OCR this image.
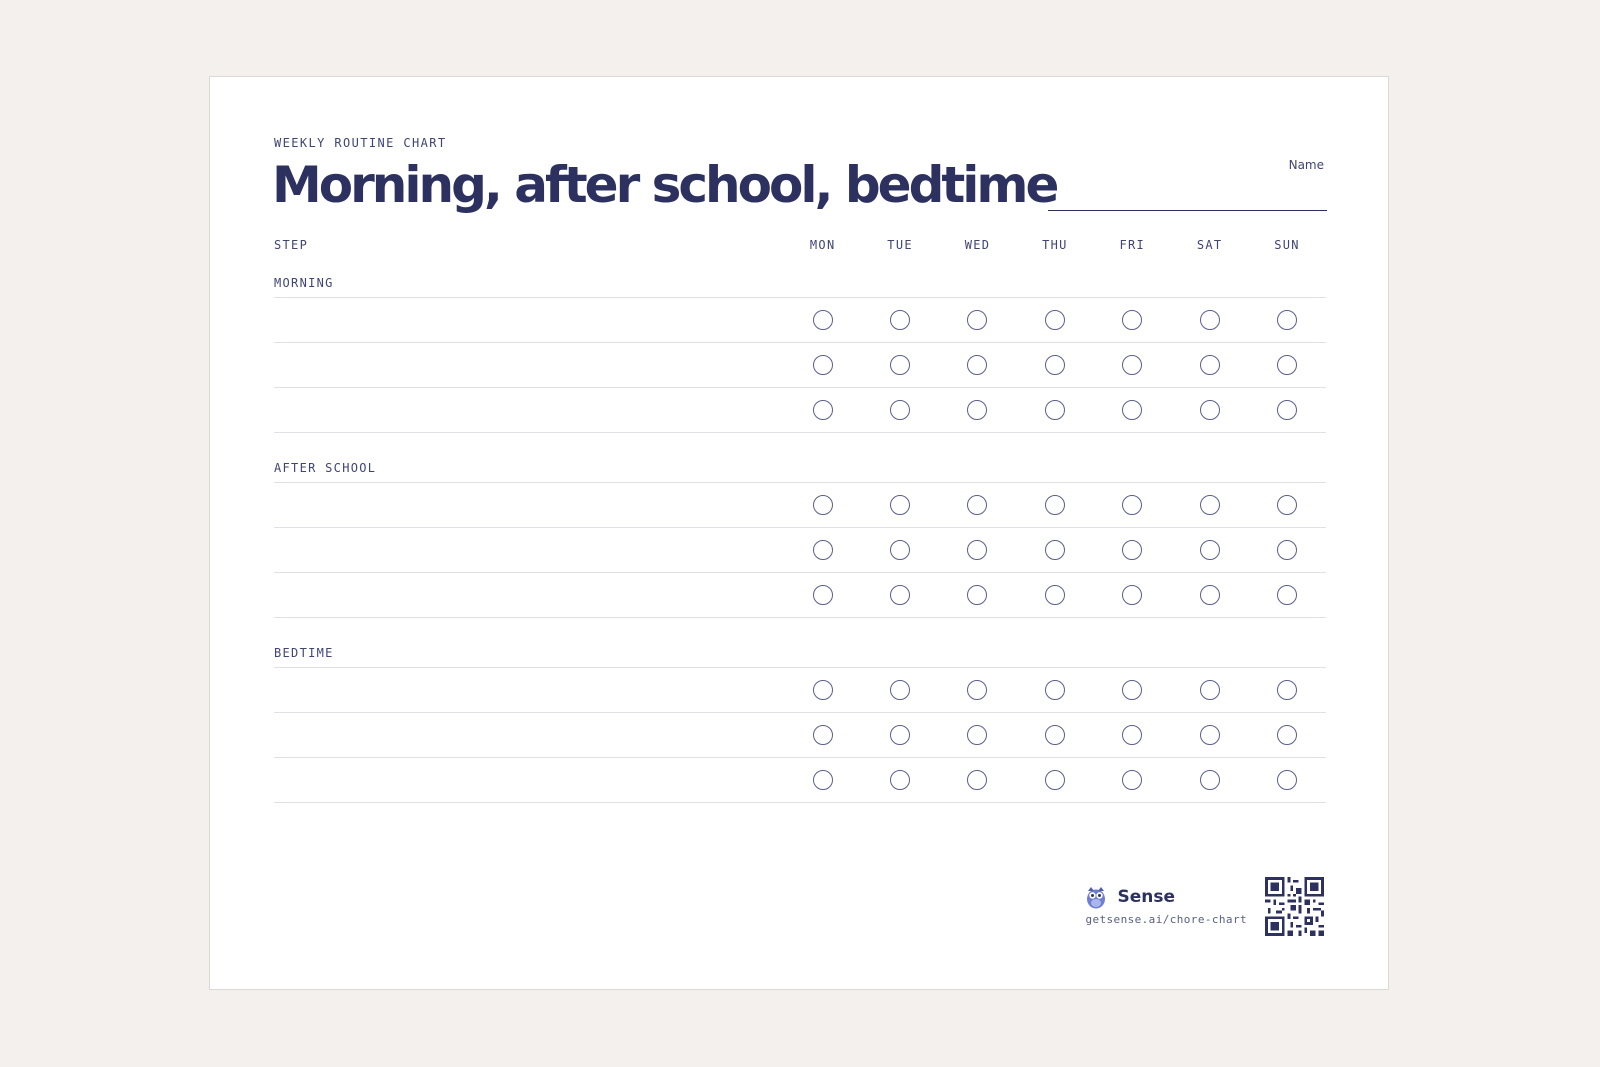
WEEKLY ROUTINE CHART

Morning, after school, bedtime	Name
STEP	MON	TUE	WED	THU	FRI	SAT	SUN
MORNING
AFTER SCHOOL
BEDTIME
Sense
getsense.ai/chore-chart
